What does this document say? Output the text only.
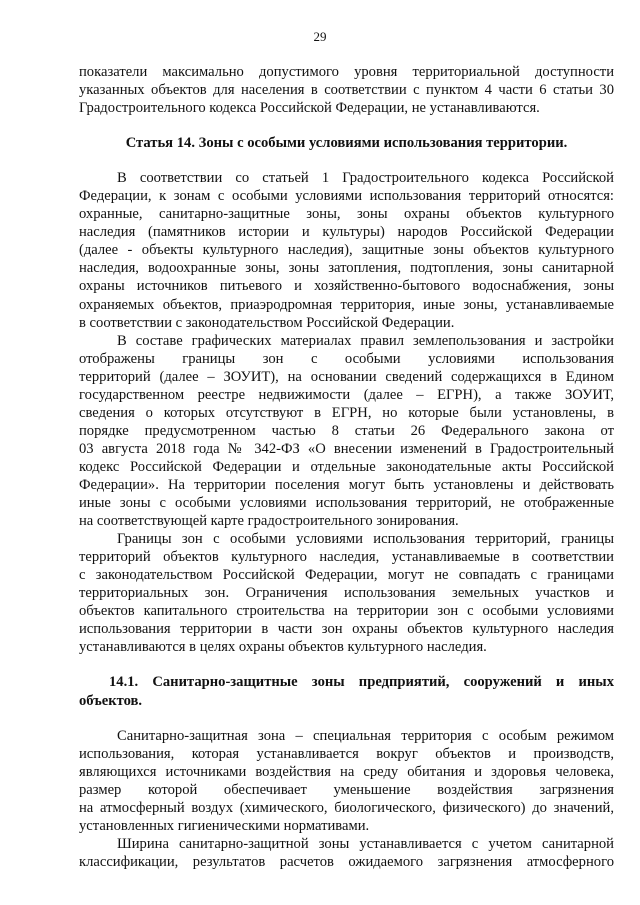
29
показатели максимально допустимого уровня территориальной доступности
указанных объектов для населения в соответствии с пунктом 4 части 6 статьи 30
Градостроительного кодекса Российской Федерации, не устанавливаются.
Статья 14. Зоны с особыми условиями использования территории.
В соответствии со статьей 1 Градостроительного кодекса Российской
Федерации, к зонам с особыми условиями использования территорий относятся:
охранные, санитарно-защитные зоны, зоны охраны объектов культурного
наследия (памятников истории и культуры) народов Российской Федерации
(далее - объекты культурного наследия), защитные зоны объектов культурного
наследия, водоохранные зоны, зоны затопления, подтопления, зоны санитарной
охраны источников питьевого и хозяйственно-бытового водоснабжения, зоны
охраняемых объектов, приаэродромная территория, иные зоны, устанавливаемые
в соответствии с законодательством Российской Федерации.
В составе графических материалах правил землепользования и застройки
отображены границы зон с особыми условиями использования
территорий (далее – ЗОУИТ), на основании сведений содержащихся в Едином
государственном реестре недвижимости (далее – ЕГРН), а также ЗОУИТ,
сведения о которых отсутствуют в ЕГРН, но которые были установлены, в
порядке предусмотренном частью 8 статьи 26 Федерального закона от
03 августа 2018 года № 342-ФЗ «О внесении изменений в Градостроительный
кодекс Российской Федерации и отдельные законодательные акты Российской
Федерации». На территории поселения могут быть установлены и действовать
иные зоны с особыми условиями использования территорий, не отображенные
на соответствующей карте градостроительного зонирования.
Границы зон с особыми условиями использования территорий, границы
территорий объектов культурного наследия, устанавливаемые в соответствии
с законодательством Российской Федерации, могут не совпадать с границами
территориальных зон. Ограничения использования земельных участков и
объектов капитального строительства на территории зон с особыми условиями
использования территории в части зон охраны объектов культурного наследия
устанавливаются в целях охраны объектов культурного наследия.
14.1. Санитарно-защитные зоны предприятий, сооружений и иных
объектов.
Санитарно-защитная зона – специальная территория с особым режимом
использования, которая устанавливается вокруг объектов и производств,
являющихся источниками воздействия на среду обитания и здоровья человека,
размер которой обеспечивает уменьшение воздействия загрязнения
на атмосферный воздух (химического, биологического, физического) до значений,
установленных гигиеническими нормативами.
Ширина санитарно-защитной зоны устанавливается с учетом санитарной
классификации, результатов расчетов ожидаемого загрязнения атмосферного
